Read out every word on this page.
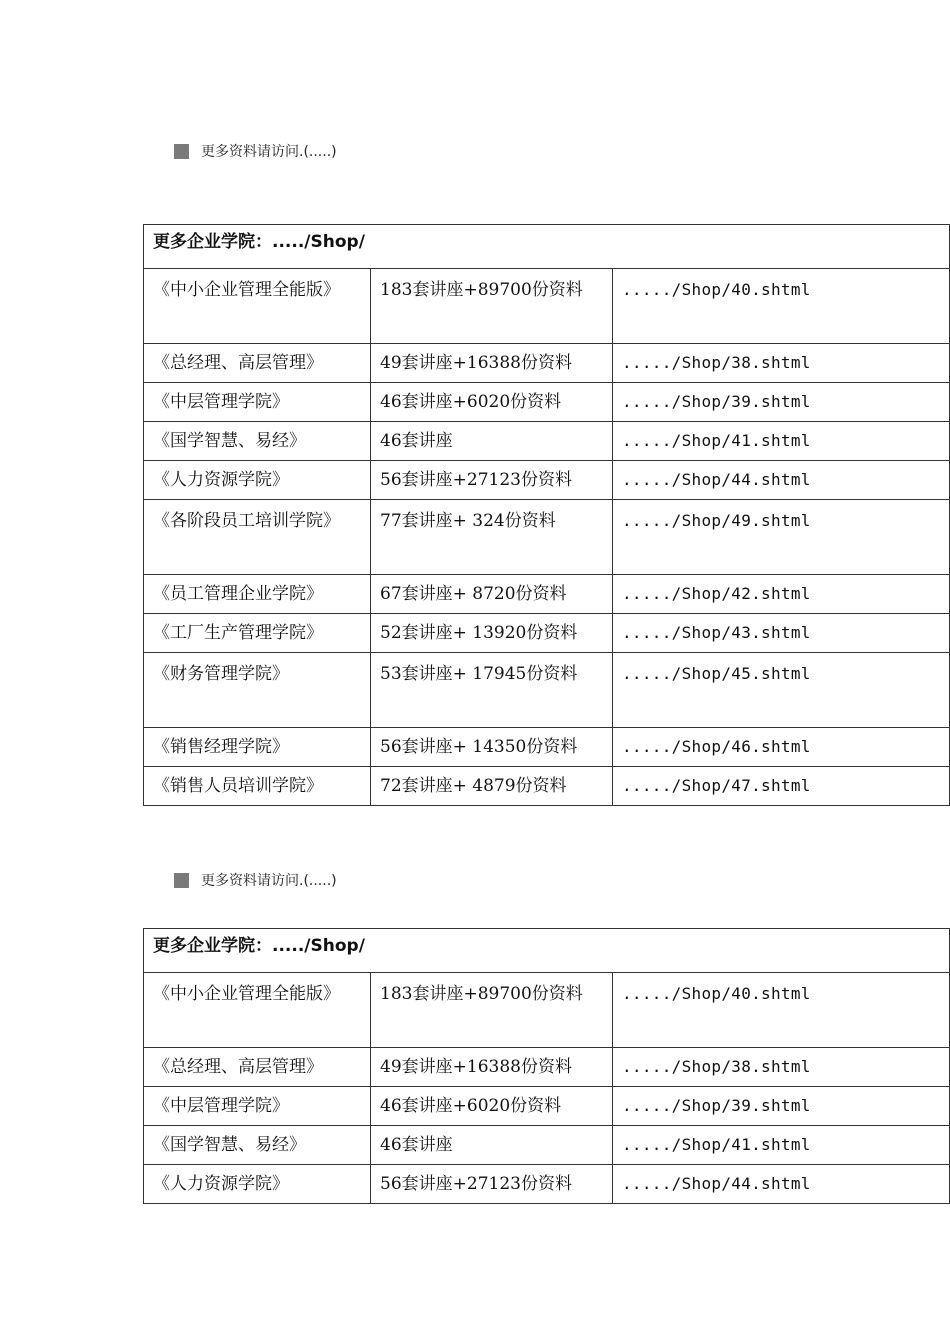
更多资料请访问.(.....)
更多企业学院：...../Shop/		
《中小企业管理全能版》	183套讲座+89700份资料	...../Shop/40.shtml
《总经理、高层管理》	49套讲座+16388份资料	...../Shop/38.shtml
《中层管理学院》	46套讲座+6020份资料	...../Shop/39.shtml
《国学智慧、易经》	46套讲座	...../Shop/41.shtml
《人力资源学院》	56套讲座+27123份资料	...../Shop/44.shtml
《各阶段员工培训学院》	77套讲座+ 324份资料	...../Shop/49.shtml
《员工管理企业学院》	67套讲座+ 8720份资料	...../Shop/42.shtml
《工厂生产管理学院》	52套讲座+ 13920份资料	...../Shop/43.shtml
《财务管理学院》	53套讲座+ 17945份资料	...../Shop/45.shtml
《销售经理学院》	56套讲座+ 14350份资料	...../Shop/46.shtml
《销售人员培训学院》	72套讲座+ 4879份资料	...../Shop/47.shtml
更多资料请访问.(.....)
更多企业学院：...../Shop/		
《中小企业管理全能版》	183套讲座+89700份资料	...../Shop/40.shtml
《总经理、高层管理》	49套讲座+16388份资料	...../Shop/38.shtml
《中层管理学院》	46套讲座+6020份资料	...../Shop/39.shtml
《国学智慧、易经》	46套讲座	...../Shop/41.shtml
《人力资源学院》	56套讲座+27123份资料	...../Shop/44.shtml
